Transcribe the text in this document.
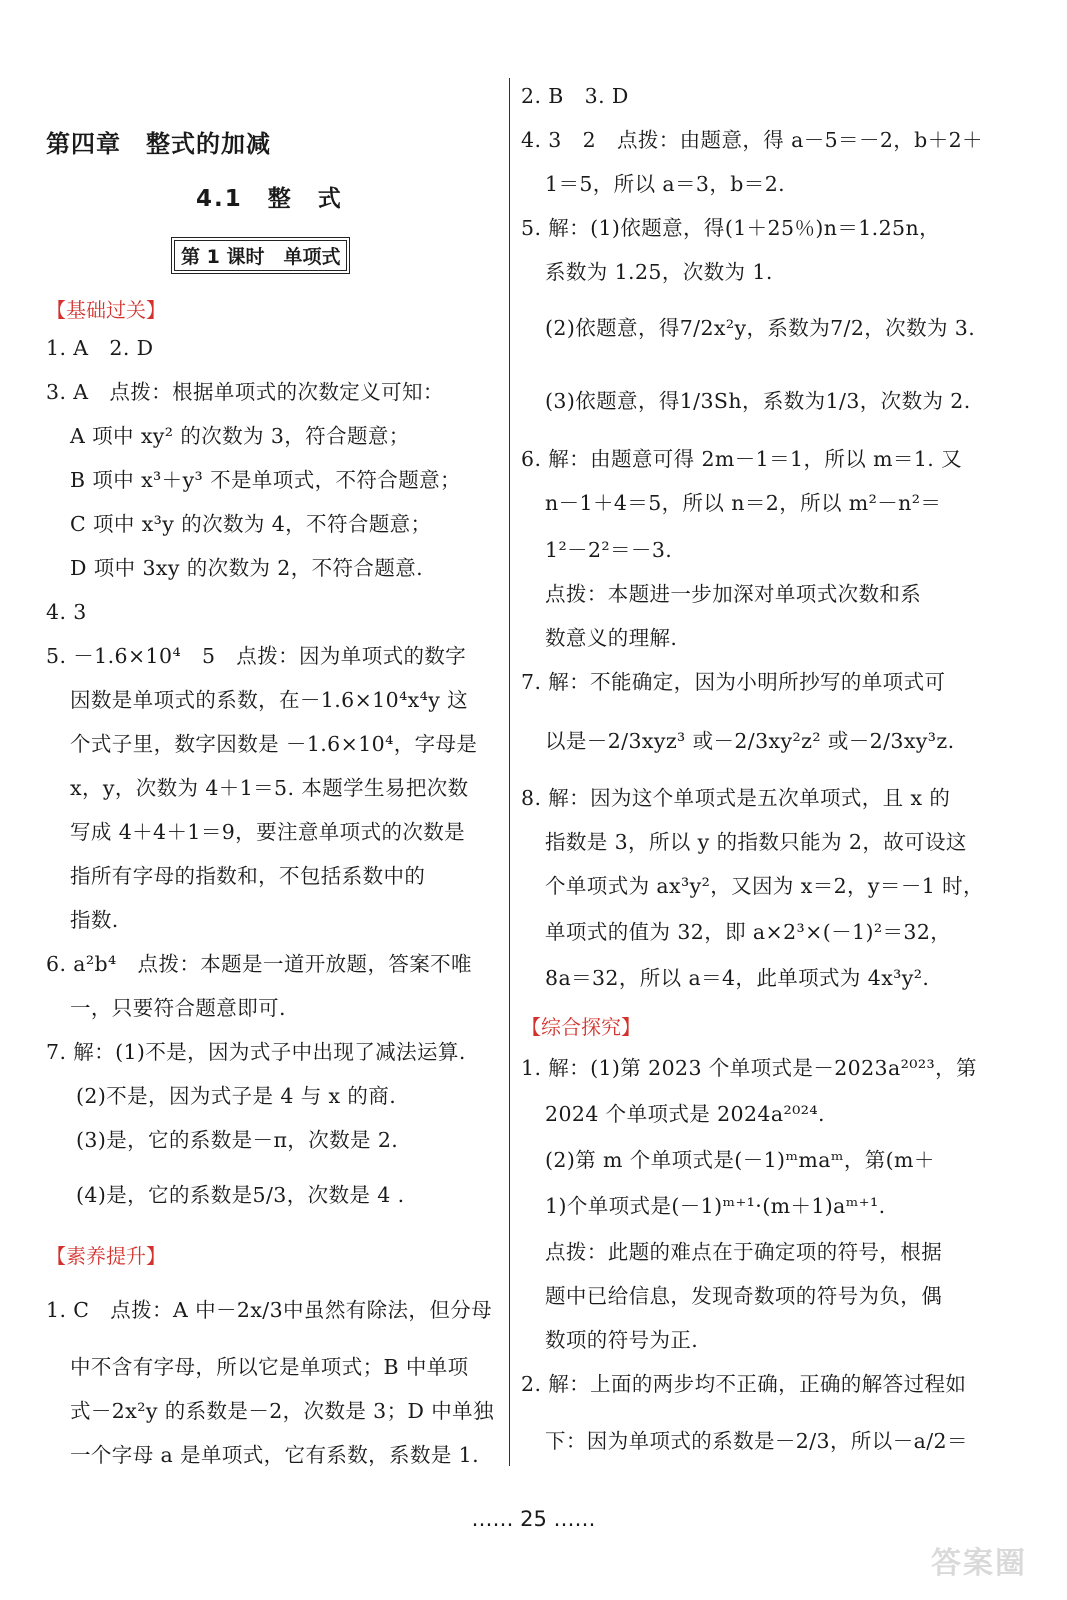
第四章　整式的加减
4.1　整　式
第 1 课时　单项式
【基础过关】
【素养提升】
【综合探究】
1. A　2. D
3. A　点拨：根据单项式的次数定义可知：
A 项中 xy² 的次数为 3，符合题意；
B 项中 x³＋y³ 不是单项式，不符合题意；
C 项中 x³y 的次数为 4，不符合题意；
D 项中 3xy 的次数为 2，不符合题意.
4. 3
5. －1.6×10⁴　5　点拨：因为单项式的数字
因数是单项式的系数，在－1.6×10⁴x⁴y 这
个式子里，数字因数是 －1.6×10⁴，字母是
x，y，次数为 4＋1＝5. 本题学生易把次数
写成 4＋4＋1＝9，要注意单项式的次数是
指所有字母的指数和，不包括系数中的
指数.
6. a²b⁴　点拨：本题是一道开放题，答案不唯
一，只要符合题意即可.
7. 解：(1)不是，因为式子中出现了减法运算.
(2)不是，因为式子是 4 与 x 的商.
(3)是，它的系数是－π，次数是 2.
(4)是，它的系数是5/3，次数是 4 .
1. C　点拨：A 中－2x/3中虽然有除法，但分母
中不含有字母，所以它是单项式；B 中单项
式－2x²y 的系数是－2，次数是 3；D 中单独
一个字母 a 是单项式，它有系数，系数是 1.
2. B　3. D
4. 3　2　点拨：由题意，得 a－5＝－2，b＋2＋
1＝5，所以 a＝3，b＝2.
5. 解：(1)依题意，得(1＋25％)n＝1.25n，
系数为 1.25，次数为 1.
(2)依题意，得7/2x²y，系数为7/2，次数为 3.
(3)依题意，得1/3Sh，系数为1/3，次数为 2.
6. 解：由题意可得 2m－1＝1，所以 m＝1. 又
n－1＋4＝5，所以 n＝2，所以 m²－n²＝
1²－2²＝－3.
点拨：本题进一步加深对单项式次数和系
数意义的理解.
7. 解：不能确定，因为小明所抄写的单项式可
以是－2/3xyz³ 或－2/3xy²z² 或－2/3xy³z.
8. 解：因为这个单项式是五次单项式，且 x 的
指数是 3，所以 y 的指数只能为 2，故可设这
个单项式为 ax³y²，又因为 x＝2，y＝－1 时，
单项式的值为 32，即 a×2³×(－1)²＝32，
8a＝32，所以 a＝4，此单项式为 4x³y².
1. 解：(1)第 2023 个单项式是－2023a²⁰²³，第
2024 个单项式是 2024a²⁰²⁴.
(2)第 m 个单项式是(－1)ᵐmaᵐ，第(m＋
1)个单项式是(－1)ᵐ⁺¹·(m＋1)aᵐ⁺¹.
点拨：此题的难点在于确定项的符号，根据
题中已给信息，发现奇数项的符号为负，偶
数项的符号为正.
2. 解：上面的两步均不正确，正确的解答过程如
下：因为单项式的系数是－2/3，所以－a/2＝
…… 25 ……
答案圈
